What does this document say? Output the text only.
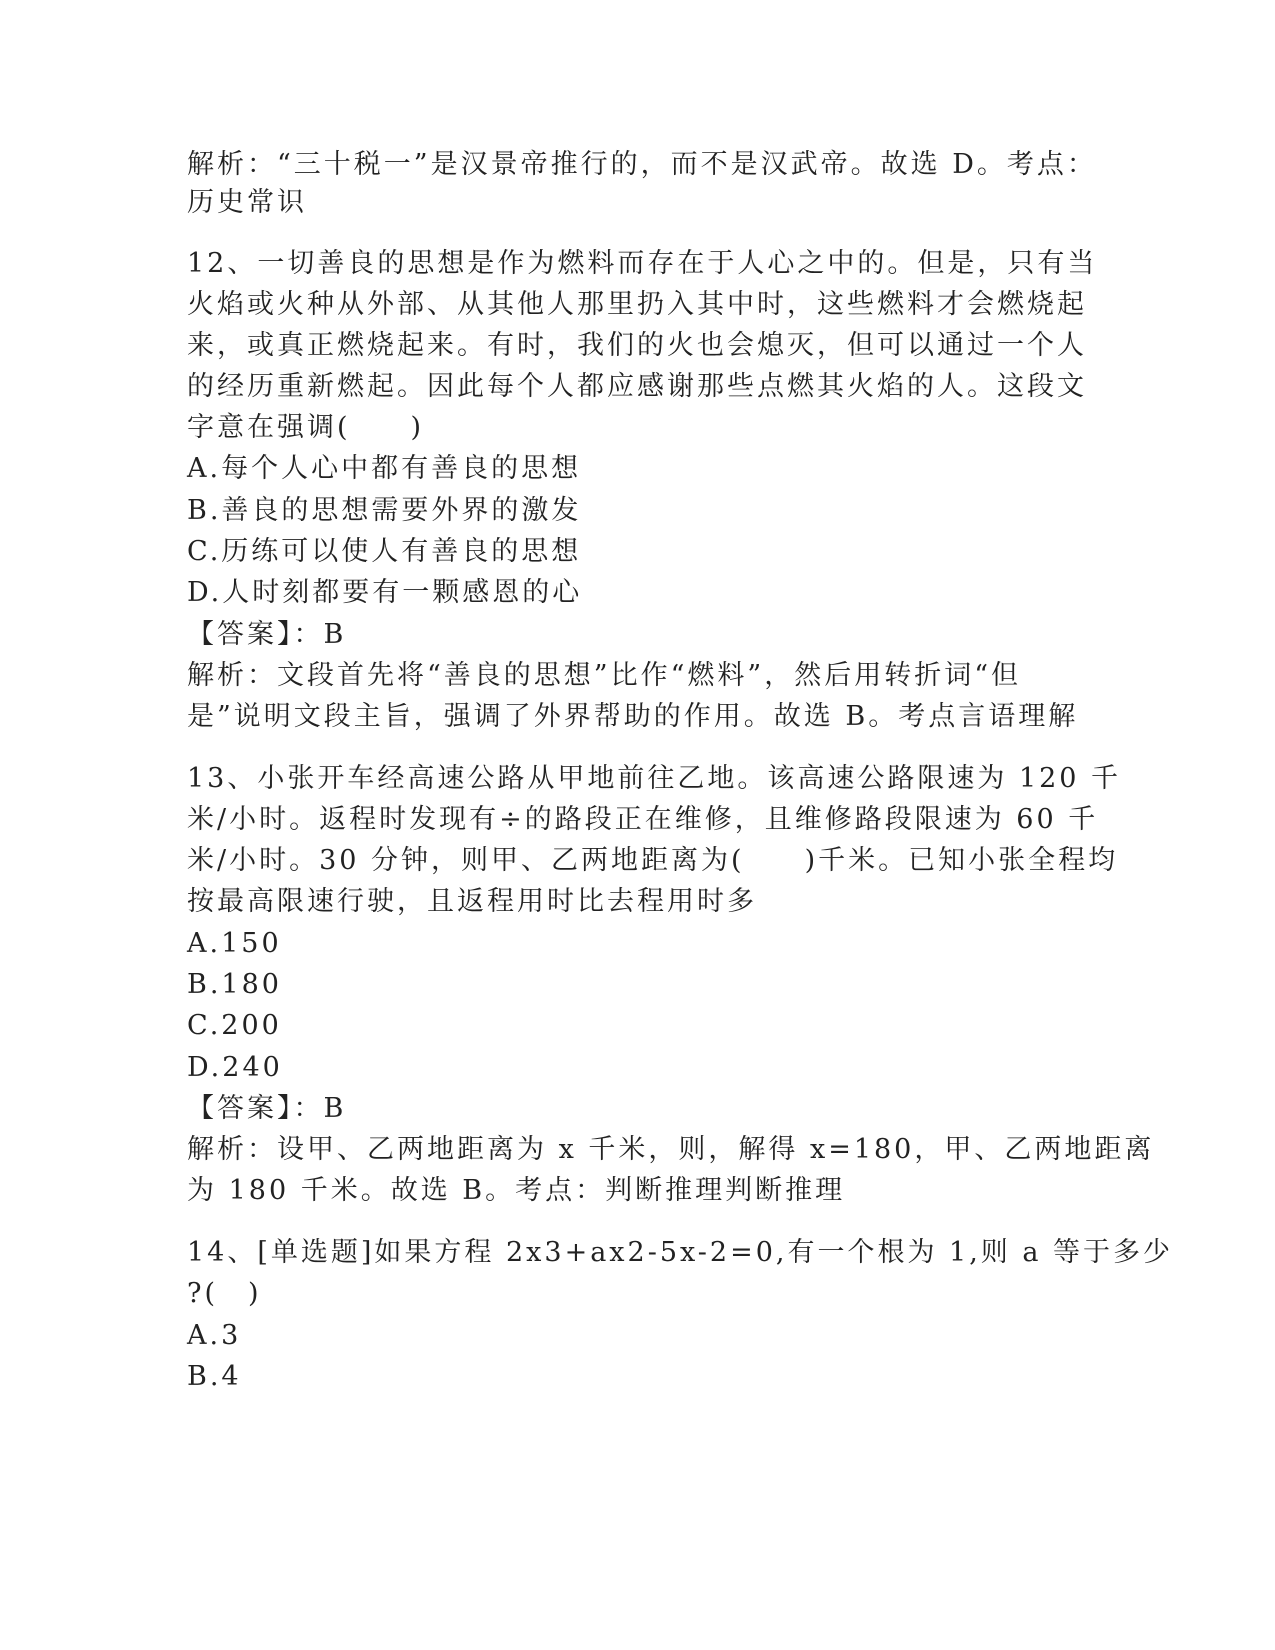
解析：“三十税一”是汉景帝推行的，而不是汉武帝。故选 D。考点：
历史常识
12、一切善良的思想是作为燃料而存在于人心之中的。但是，只有当
火焰或火种从外部、从其他人那里扔入其中时，这些燃料才会燃烧起
来，或真正燃烧起来。有时，我们的火也会熄灭，但可以通过一个人
的经历重新燃起。因此每个人都应感谢那些点燃其火焰的人。这段文
字意在强调(　　)
A.每个人心中都有善良的思想
B.善良的思想需要外界的激发
C.历练可以使人有善良的思想
D.人时刻都要有一颗感恩的心
【答案】：B
解析：文段首先将“善良的思想”比作“燃料”，然后用转折词“但
是”说明文段主旨，强调了外界帮助的作用。故选 B。考点言语理解
13、小张开车经高速公路从甲地前往乙地。该高速公路限速为 120 千
米/小时。返程时发现有÷的路段正在维修，且维修路段限速为 60 千
米/小时。30 分钟，则甲、乙两地距离为(　　)千米。已知小张全程均
按最高限速行驶，且返程用时比去程用时多
A.150
B.180
C.200
D.240
【答案】：B
解析：设甲、乙两地距离为 x 千米，则，解得 x=180，甲、乙两地距离
为 180 千米。故选 B。考点：判断推理判断推理
14、[单选题]如果方程 2x3+ax2-5x-2=0,有一个根为 1,则 a 等于多少
?(　)
A.3
B.4
